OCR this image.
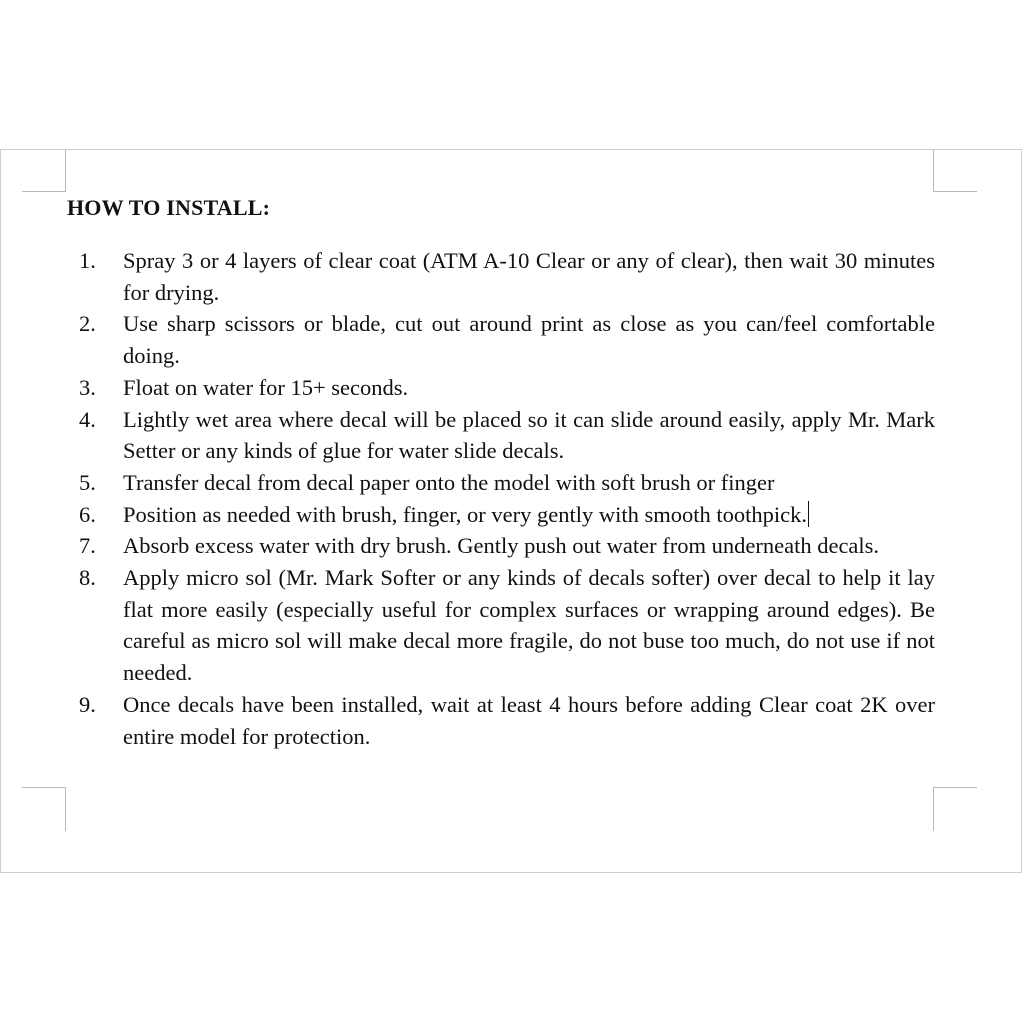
HOW TO INSTALL:
1. Spray 3 or 4 layers of clear coat (ATM A-10 Clear or any of clear), then wait 30 minutes for drying.
2. Use sharp scissors or blade, cut out around print as close as you can/feel comfortable doing.
3. Float on water for 15+ seconds.
4. Lightly wet area where decal will be placed so it can slide around easily, apply Mr. Mark Setter or any kinds of glue for water slide decals.
5. Transfer decal from decal paper onto the model with soft brush or finger
6. Position as needed with brush, finger, or very gently with smooth toothpick.
7. Absorb excess water with dry brush. Gently push out water from underneath decals.
8. Apply micro sol (Mr. Mark Softer or any kinds of decals softer) over decal to help it lay flat more easily (especially useful for complex surfaces or wrapping around edges). Be careful as micro sol will make decal more fragile, do not buse too much, do not use if not needed.
9. Once decals have been installed, wait at least 4 hours before adding Clear coat 2K over entire model for protection.
